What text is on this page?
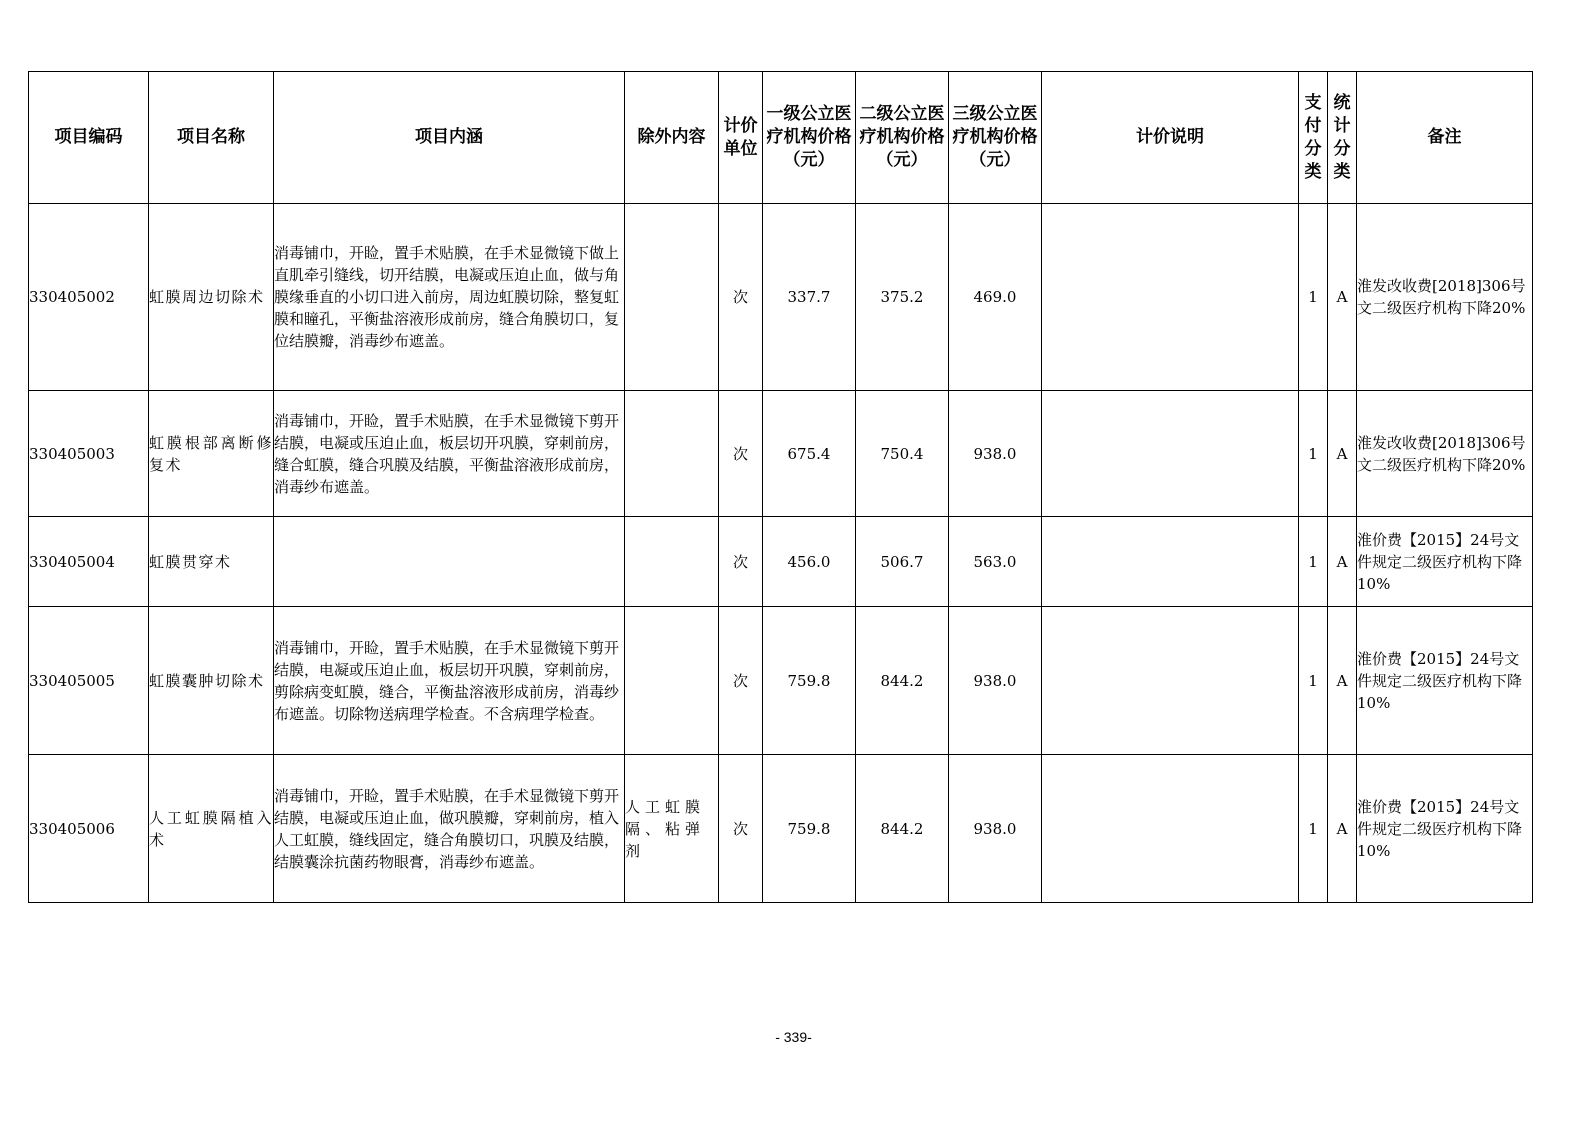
项目编码	项目名称	项目内涵	除外内容	计价单位	一级公立医疗机构价格（元）	二级公立医疗机构价格（元）	三级公立医疗机构价格（元）	计价说明	支付分类	统计分类	备注
330405002	虹膜周边切除术	消毒铺巾，开睑，置手术贴膜，在手术显微镜下做上直肌牵引缝线，切开结膜，电凝或压迫止血，做与角膜缘垂直的小切口进入前房，周边虹膜切除，整复虹膜和瞳孔，平衡盐溶液形成前房，缝合角膜切口，复位结膜瓣，消毒纱布遮盖。		次	337.7	375.2	469.0		1	A	淮发改收费[2018]306号文二级医疗机构下降20%
330405003	虹膜根部离断修复术	消毒铺巾，开睑，置手术贴膜，在手术显微镜下剪开结膜，电凝或压迫止血，板层切开巩膜，穿刺前房，缝合虹膜，缝合巩膜及结膜，平衡盐溶液形成前房，消毒纱布遮盖。		次	675.4	750.4	938.0		1	A	淮发改收费[2018]306号文二级医疗机构下降20%
330405004	虹膜贯穿术			次	456.0	506.7	563.0		1	A	淮价费【2015】24号文件规定二级医疗机构下降10%
330405005	虹膜囊肿切除术	消毒铺巾，开睑，置手术贴膜，在手术显微镜下剪开结膜，电凝或压迫止血，板层切开巩膜，穿刺前房，剪除病变虹膜，缝合，平衡盐溶液形成前房，消毒纱布遮盖。切除物送病理学检查。不含病理学检查。		次	759.8	844.2	938.0		1	A	淮价费【2015】24号文件规定二级医疗机构下降10%
330405006	人工虹膜隔植入术	消毒铺巾，开睑，置手术贴膜，在手术显微镜下剪开结膜，电凝或压迫止血，做巩膜瓣，穿刺前房，植入人工虹膜，缝线固定，缝合角膜切口，巩膜及结膜，结膜囊涂抗菌药物眼膏，消毒纱布遮盖。	人工虹膜隔、粘弹剂	次	759.8	844.2	938.0		1	A	淮价费【2015】24号文件规定二级医疗机构下降10%
- 339-
